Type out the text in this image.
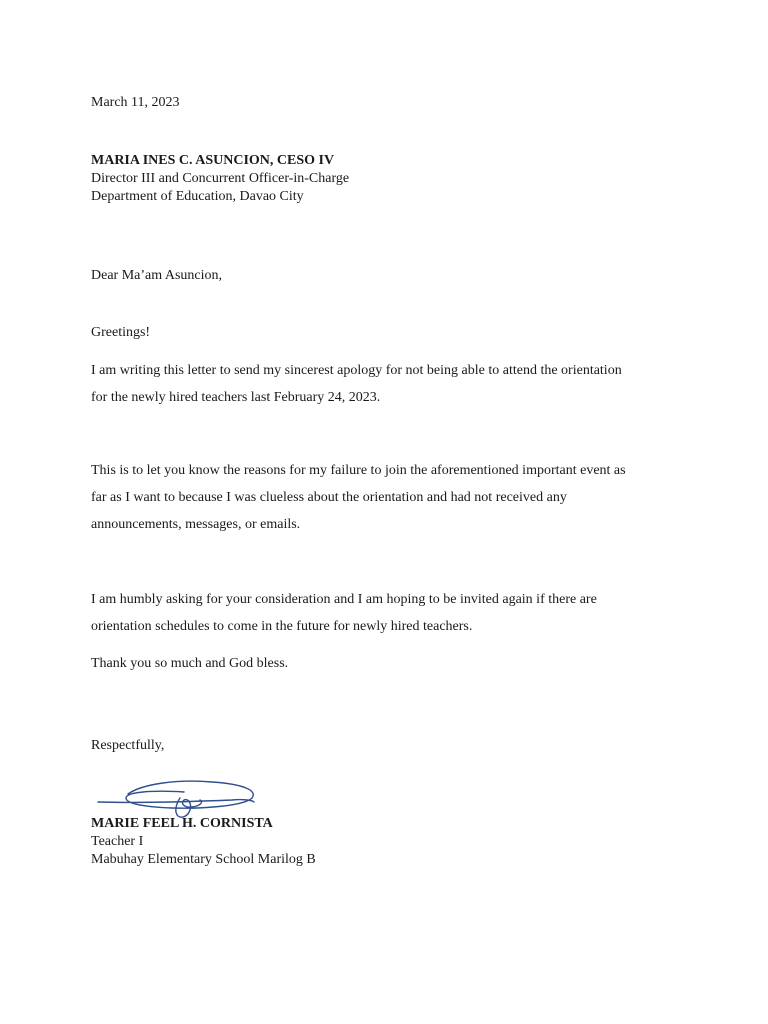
March 11, 2023
MARIA INES C. ASUNCION, CESO IV
Director III and Concurrent Officer-in-Charge
Department of Education, Davao City
Dear Ma’am Asuncion,
Greetings!
I am writing this letter to send my sincerest apology for not being able to attend the orientation
for the newly hired teachers last February 24, 2023.
This is to let you know the reasons for my failure to join the aforementioned important event as
far as I want to because I was clueless about the orientation and had not received any
announcements, messages, or emails.
I am humbly asking for your consideration and I am hoping to be invited again if there are
orientation schedules to come in the future for newly hired teachers.
Thank you so much and God bless.
Respectfully,
MARIE FEEL H. CORNISTA
Teacher I
Mabuhay Elementary School Marilog B
